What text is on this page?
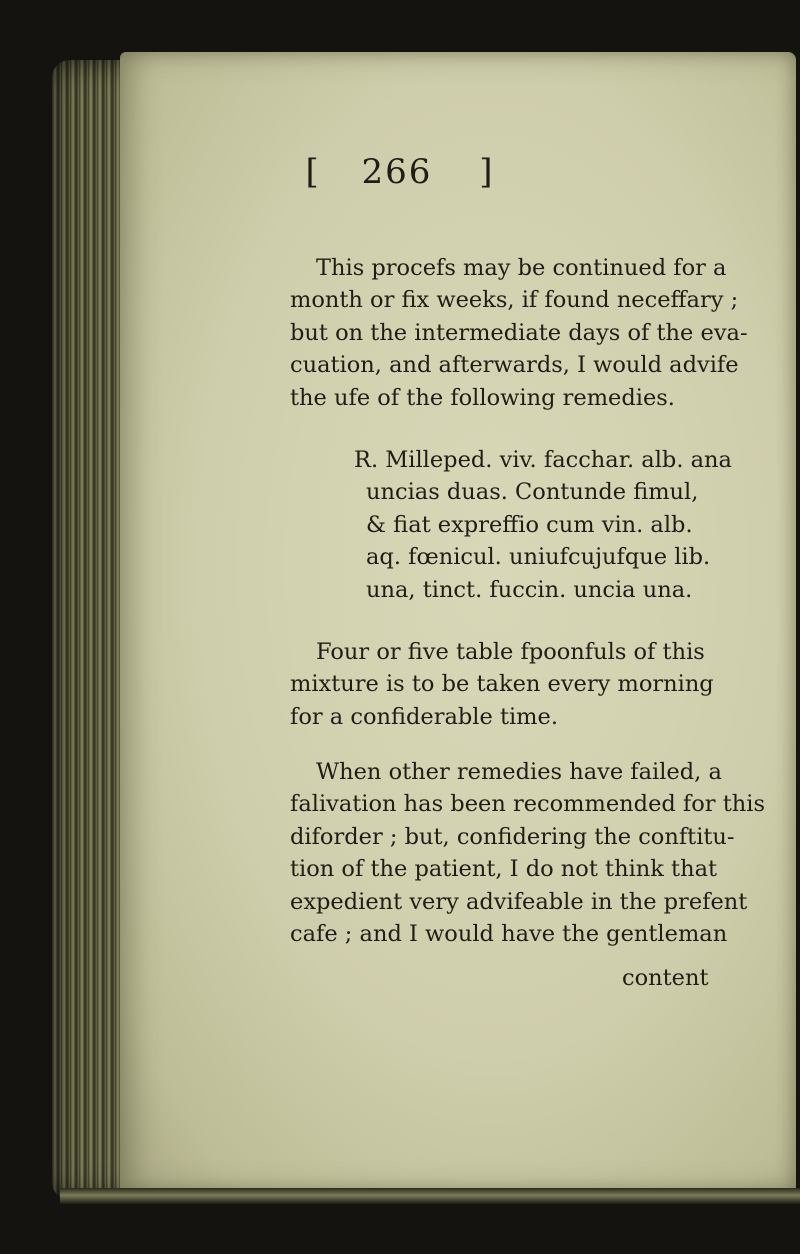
[ 266 ]
This procefs may be continued for a
month or fix weeks, if found neceffary ;
but on the intermediate days of the eva-
cuation, and afterwards, I would advife
the ufe of the following remedies.
R. Milleped. viv. facchar. alb. ana
uncias duas. Contunde fimul,
& fiat expreffio cum vin. alb.
aq. fœnicul. uniufcujufque lib.
una, tinct. fuccin. uncia una.
Four or five table fpoonfuls of this
mixture is to be taken every morning
for a confiderable time.
When other remedies have failed, a
falivation has been recommended for this
diforder ; but, confidering the conftitu-
tion of the patient, I do not think that
expedient very advifeable in the prefent
cafe ; and I would have the gentleman
content
